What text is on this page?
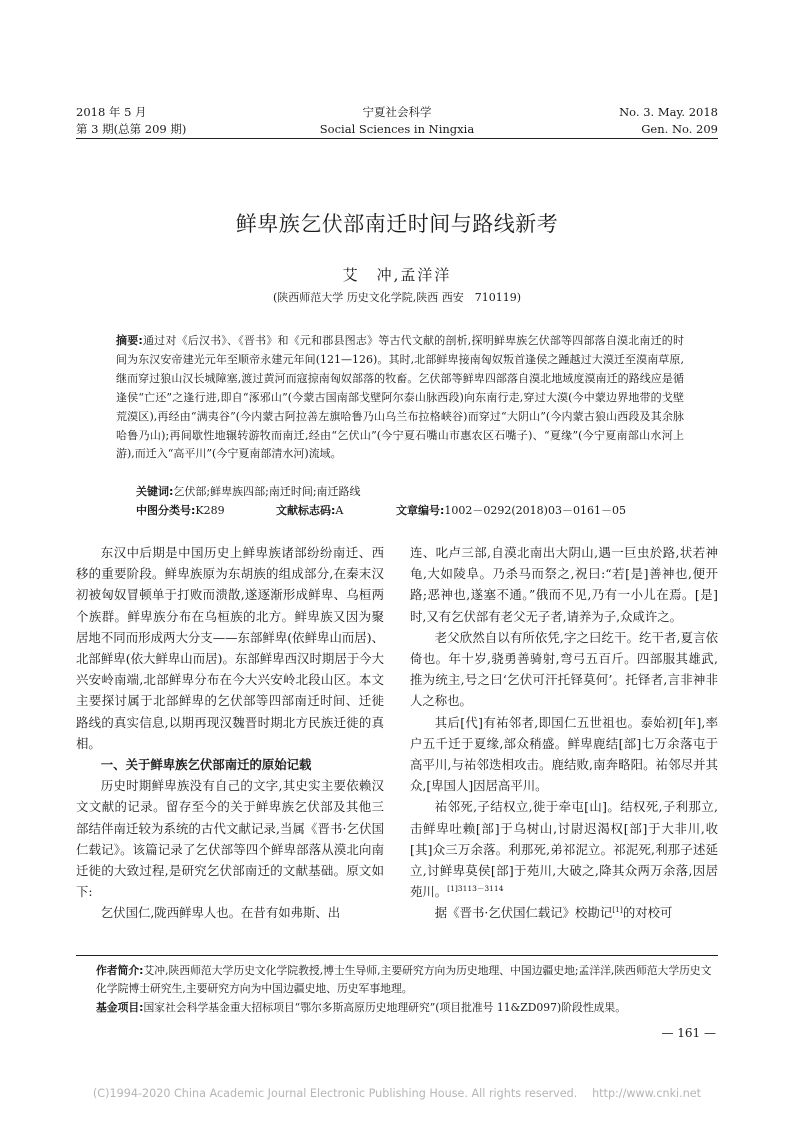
2018 年 5 月
第 3 期(总第 209 期)
宁夏社会科学
Social Sciences in Ningxia
No. 3. May. 2018
Gen. No. 209
鲜卑族乞伏部南迁时间与路线新考
艾　冲,孟洋洋
(陕西师范大学 历史文化学院,陕西 西安　710119)
摘要:通过对《后汉书》、《晋书》和《元和郡县图志》等古代文献的剖析,探明鲜卑族乞伏部等四部落自漠北南迁的时间为东汉安帝建光元年至顺帝永建元年间(121—126)。其时,北部鲜卑接南匈奴叛首逢侯之踵越过大漠迁至漠南草原,继而穿过狼山汉长城障塞,渡过黄河而寇掠南匈奴部落的牧畜。乞伏部等鲜卑四部落自漠北地域度漠南迁的路线应是循逢侯“亡还”之逢行进,即自“涿邪山”(今蒙古国南部戈壁阿尔泰山脉西段)向东南行走,穿过大漠(今中蒙边界地带的戈壁荒漠区),再经由“满夷谷”(今内蒙古阿拉善左旗哈鲁乃山乌兰布拉格峡谷)而穿过“大阴山”(今内蒙古狼山西段及其余脉哈鲁乃山);再间歇性地辗转游牧而南迁,经由“乞伏山”(今宁夏石嘴山市惠农区石嘴子)、“夏缘”(今宁夏南部山水河上游),而迁入“高平川”(今宁夏南部清水河)流域。
关键词:乞伏部;鲜卑族四部;南迁时间;南迁路线
中图分类号:K289	文献标志码:A	文章编号:1002－0292(2018)03－0161－05

东汉中后期是中国历史上鲜卑族诸部纷纷南迁、西移的重要阶段。鲜卑族原为东胡族的组成部分,在秦末汉初被匈奴冒顿单于打败而溃散,遂逐渐形成鲜卑、乌桓两个族群。鲜卑族分布在乌桓族的北方。鲜卑族又因为聚居地不同而形成两大分支——东部鲜卑(依鲜卑山而居)、北部鲜卑(依大鲜卑山而居)。东部鲜卑西汉时期居于今大兴安岭南端,北部鲜卑分布在今大兴安岭北段山区。本文主要探讨属于北部鲜卑的乞伏部等四部南迁时间、迁徙路线的真实信息,以期再现汉魏晋时期北方民族迁徙的真相。

一、关于鲜卑族乞伏部南迁的原始记载

历史时期鲜卑族没有自己的文字,其史实主要依赖汉文文献的记录。留存至今的关于鲜卑族乞伏部及其他三部结伴南迁较为系统的古代文献记录,当属《晋书·乞伏国仁载记》。该篇记录了乞伏部等四个鲜卑部落从漠北向南迁徙的大致过程,是研究乞伏部南迁的文献基础。原文如下:

乞伏国仁,陇西鲜卑人也。在昔有如弗斯、出

连、叱卢三部,自漠北南出大阴山,遇一巨虫於路,状若神龟,大如陵阜。乃杀马而祭之,祝曰:“若[是]善神也,便开路;恶神也,遂塞不通。”俄而不见,乃有一小儿在焉。[是]时,又有乞伏部有老父无子者,请养为子,众咸许之。

老父欣然自以有所依凭,字之曰纥干。纥干者,夏言依倚也。年十岁,骁勇善骑射,弯弓五百斤。四部服其雄武,推为统主,号之曰‘乞伏可汗托铎莫何’。托铎者,言非神非人之称也。

其后[代]有祐邻者,即国仁五世祖也。泰始初[年],率户五千迁于夏缘,部众稍盛。鲜卑鹿结[部]七万余落屯于高平川,与祐邻迭相攻击。鹿结败,南奔略阳。祐邻尽并其众,[卑国人]因居高平川。

祐邻死,子结权立,徙于牵屯[山]。结权死,子利那立,击鲜卑吐赖[部]于乌树山,讨尉迟渴权[部]于大非川,收[其]众三万余落。利那死,弟祁泥立。祁泥死,利那子述延立,讨鲜卑莫侯[部]于苑川,大破之,降其众两万余落,因居苑川。$^{[1]3113-3114}$

据《晋书·乞伏国仁载记》校勘记[1]的对校可

作者简介:艾冲,陕西师范大学历史文化学院教授,博士生导师,主要研究方向为历史地理、中国边疆史地;孟洋洋,陕西师范大学历史文化学院博士研究生,主要研究方向为中国边疆史地、历史军事地理。
基金项目:国家社会科学基金重大招标项目“鄂尔多斯高原历史地理研究”(项目批准号 11&ZD097)阶段性成果。
— 161 —
(C)1994-2020 China Academic Journal Electronic Publishing House. All rights reserved.　 http://www.cnki.net
